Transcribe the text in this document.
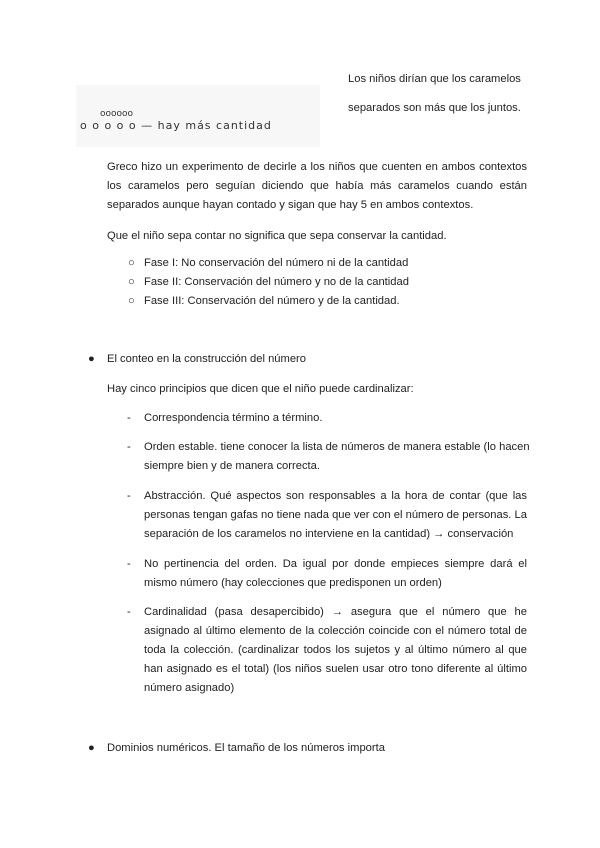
oooooo
o o o o o — hay más cantidad
Los niños dirían que los caramelos
separados son más que los juntos.
Greco hizo un experimento de decirle a los niños que cuenten en ambos contextos
los caramelos pero seguían diciendo que había más caramelos cuando están
separados aunque hayan contado y sigan que hay 5 en ambos contextos.
Que el niño sepa contar no significa que sepa conservar la cantidad.
○ Fase I: No conservación del número ni de la cantidad
○ Fase II: Conservación del número y no de la cantidad
○ Fase III: Conservación del número y de la cantidad.
● El conteo en la construcción del número
Hay cinco principios que dicen que el niño puede cardinalizar:
- Correspondencia término a término.
- Orden estable. tiene conocer la lista de números de manera estable (lo hacen
siempre bien y de manera correcta.
- Abstracción. Qué aspectos son responsables a la hora de contar (que las
personas tengan gafas no tiene nada que ver con el número de personas. La
separación de los caramelos no interviene en la cantidad) → conservación
- No pertinencia del orden. Da igual por donde empieces siempre dará el
mismo número (hay colecciones que predisponen un orden)
- Cardinalidad (pasa desapercibido) → asegura que el número que he
asignado al último elemento de la colección coincide con el número total de
toda la colección. (cardinalizar todos los sujetos y al último número al que
han asignado es el total) (los niños suelen usar otro tono diferente al último
número asignado)
● Dominios numéricos. El tamaño de los números importa
